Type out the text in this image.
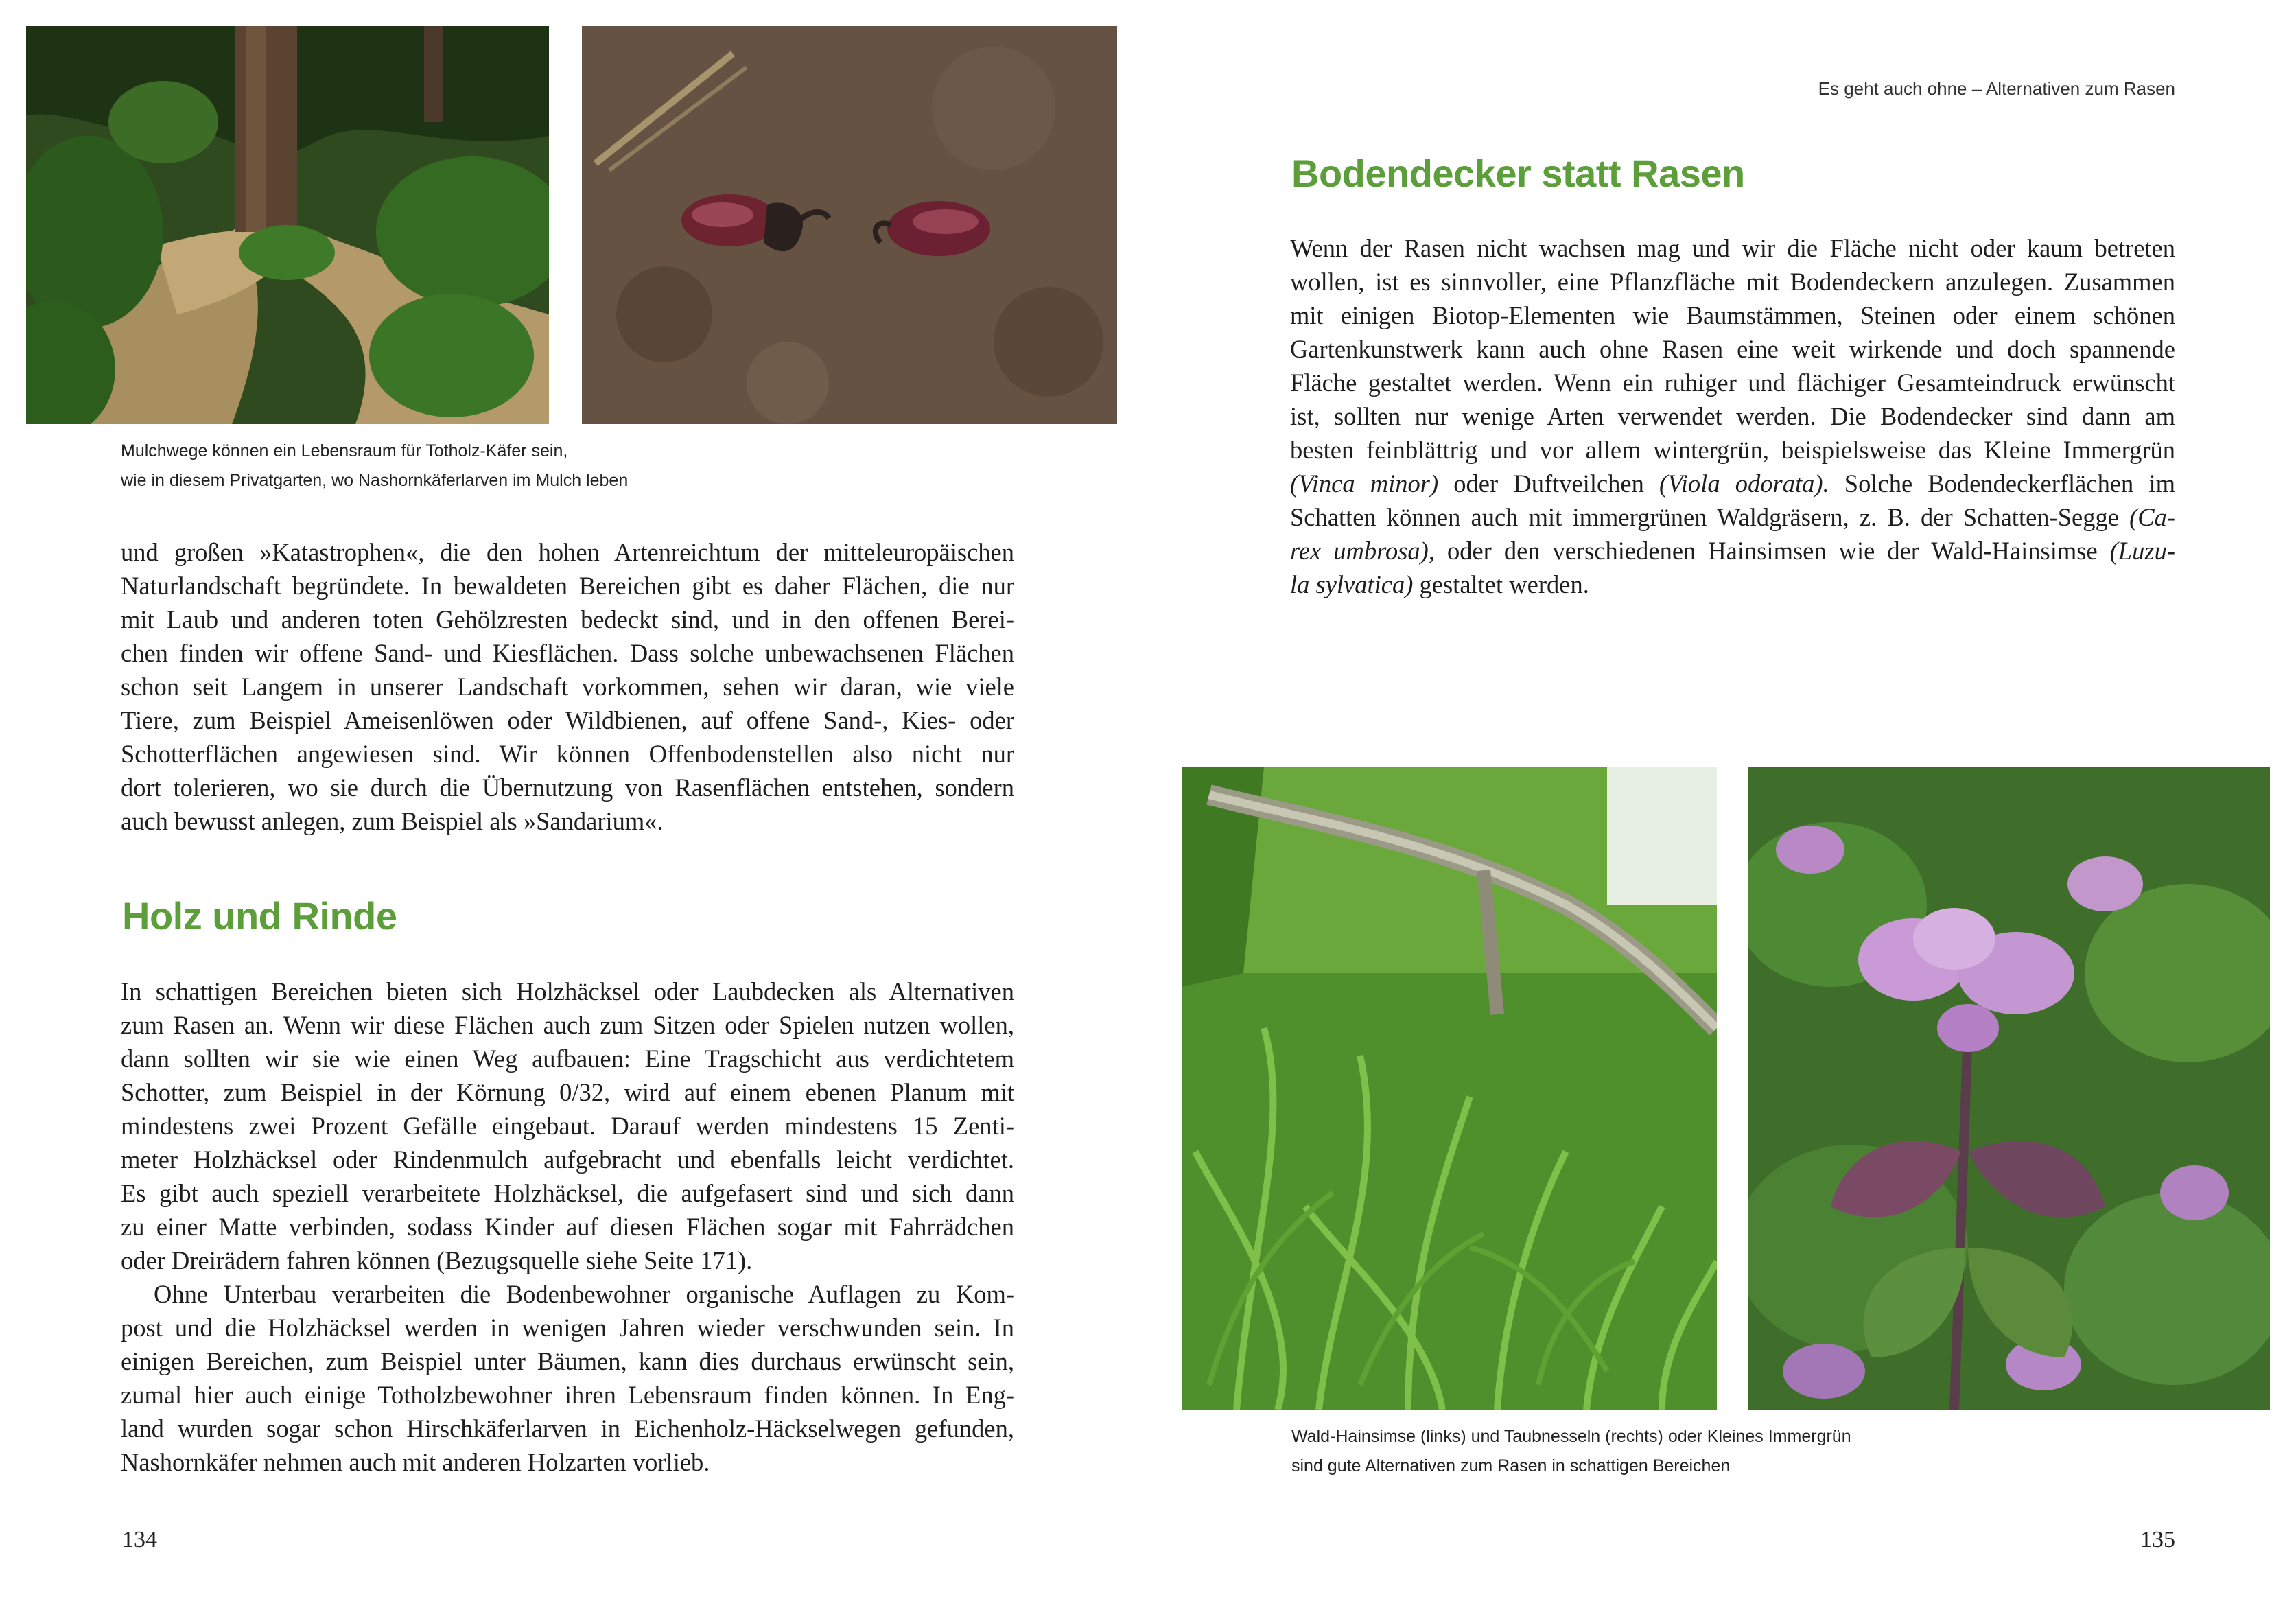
Mulchwege können ein Lebensraum für Totholz-Käfer sein,
wie in diesem Privatgarten, wo Nashornkäferlarven im Mulch leben
und großen »Katastrophen«, die den hohen Artenreichtum der mitteleuropäischen
Naturlandschaft begründete. In bewaldeten Bereichen gibt es daher Flächen, die nur
mit Laub und anderen toten Gehölzresten bedeckt sind, und in den offenen Berei-
chen finden wir offene Sand- und Kiesflächen. Dass solche unbewachsenen Flächen
schon seit Langem in unserer Landschaft vorkommen, sehen wir daran, wie viele
Tiere, zum Beispiel Ameisenlöwen oder Wildbienen, auf offene Sand-, Kies- oder
Schotterflächen angewiesen sind. Wir können Offenbodenstellen also nicht nur
dort tolerieren, wo sie durch die Übernutzung von Rasenflächen entstehen, sondern
auch bewusst anlegen, zum Beispiel als »Sandarium«.
Holz und Rinde
In schattigen Bereichen bieten sich Holzhäcksel oder Laubdecken als Alternativen
zum Rasen an. Wenn wir diese Flächen auch zum Sitzen oder Spielen nutzen wollen,
dann sollten wir sie wie einen Weg aufbauen: Eine Tragschicht aus verdichtetem
Schotter, zum Beispiel in der Körnung 0/32, wird auf einem ebenen Planum mit
mindestens zwei Prozent Gefälle eingebaut. Darauf werden mindestens 15 Zenti-
meter Holzhäcksel oder Rindenmulch aufgebracht und ebenfalls leicht verdichtet.
Es gibt auch speziell verarbeitete Holzhäcksel, die aufgefasert sind und sich dann
zu einer Matte verbinden, sodass Kinder auf diesen Flächen sogar mit Fahrrädchen
oder Dreirädern fahren können (Bezugsquelle siehe Seite 171).
Ohne Unterbau verarbeiten die Bodenbewohner organische Auflagen zu Kom-
post und die Holzhäcksel werden in wenigen Jahren wieder verschwunden sein. In
einigen Bereichen, zum Beispiel unter Bäumen, kann dies durchaus erwünscht sein,
zumal hier auch einige Totholzbewohner ihren Lebensraum finden können. In Eng-
land wurden sogar schon Hirschkäferlarven in Eichenholz-Häckselwegen gefunden,
Nashornkäfer nehmen auch mit anderen Holzarten vorlieb.
134
Es geht auch ohne – Alternativen zum Rasen
Bodendecker statt Rasen
Wenn der Rasen nicht wachsen mag und wir die Fläche nicht oder kaum betreten
wollen, ist es sinnvoller, eine Pflanzfläche mit Bodendeckern anzulegen. Zusammen
mit einigen Biotop-Elementen wie Baumstämmen, Steinen oder einem schönen
Gartenkunstwerk kann auch ohne Rasen eine weit wirkende und doch spannende
Fläche gestaltet werden. Wenn ein ruhiger und flächiger Gesamteindruck erwünscht
ist, sollten nur wenige Arten verwendet werden. Die Bodendecker sind dann am
besten feinblättrig und vor allem wintergrün, beispielsweise das Kleine Immergrün
(Vinca minor) oder Duftveilchen (Viola odorata). Solche Bodendeckerflächen im
Schatten können auch mit immergrünen Waldgräsern, z. B. der Schatten-Segge (Ca-
rex umbrosa), oder den verschiedenen Hainsimsen wie der Wald-Hainsimse (Luzu-
la sylvatica) gestaltet werden.
Wald-Hainsimse (links) und Taubnesseln (rechts) oder Kleines Immergrün
sind gute Alternativen zum Rasen in schattigen Bereichen
135
